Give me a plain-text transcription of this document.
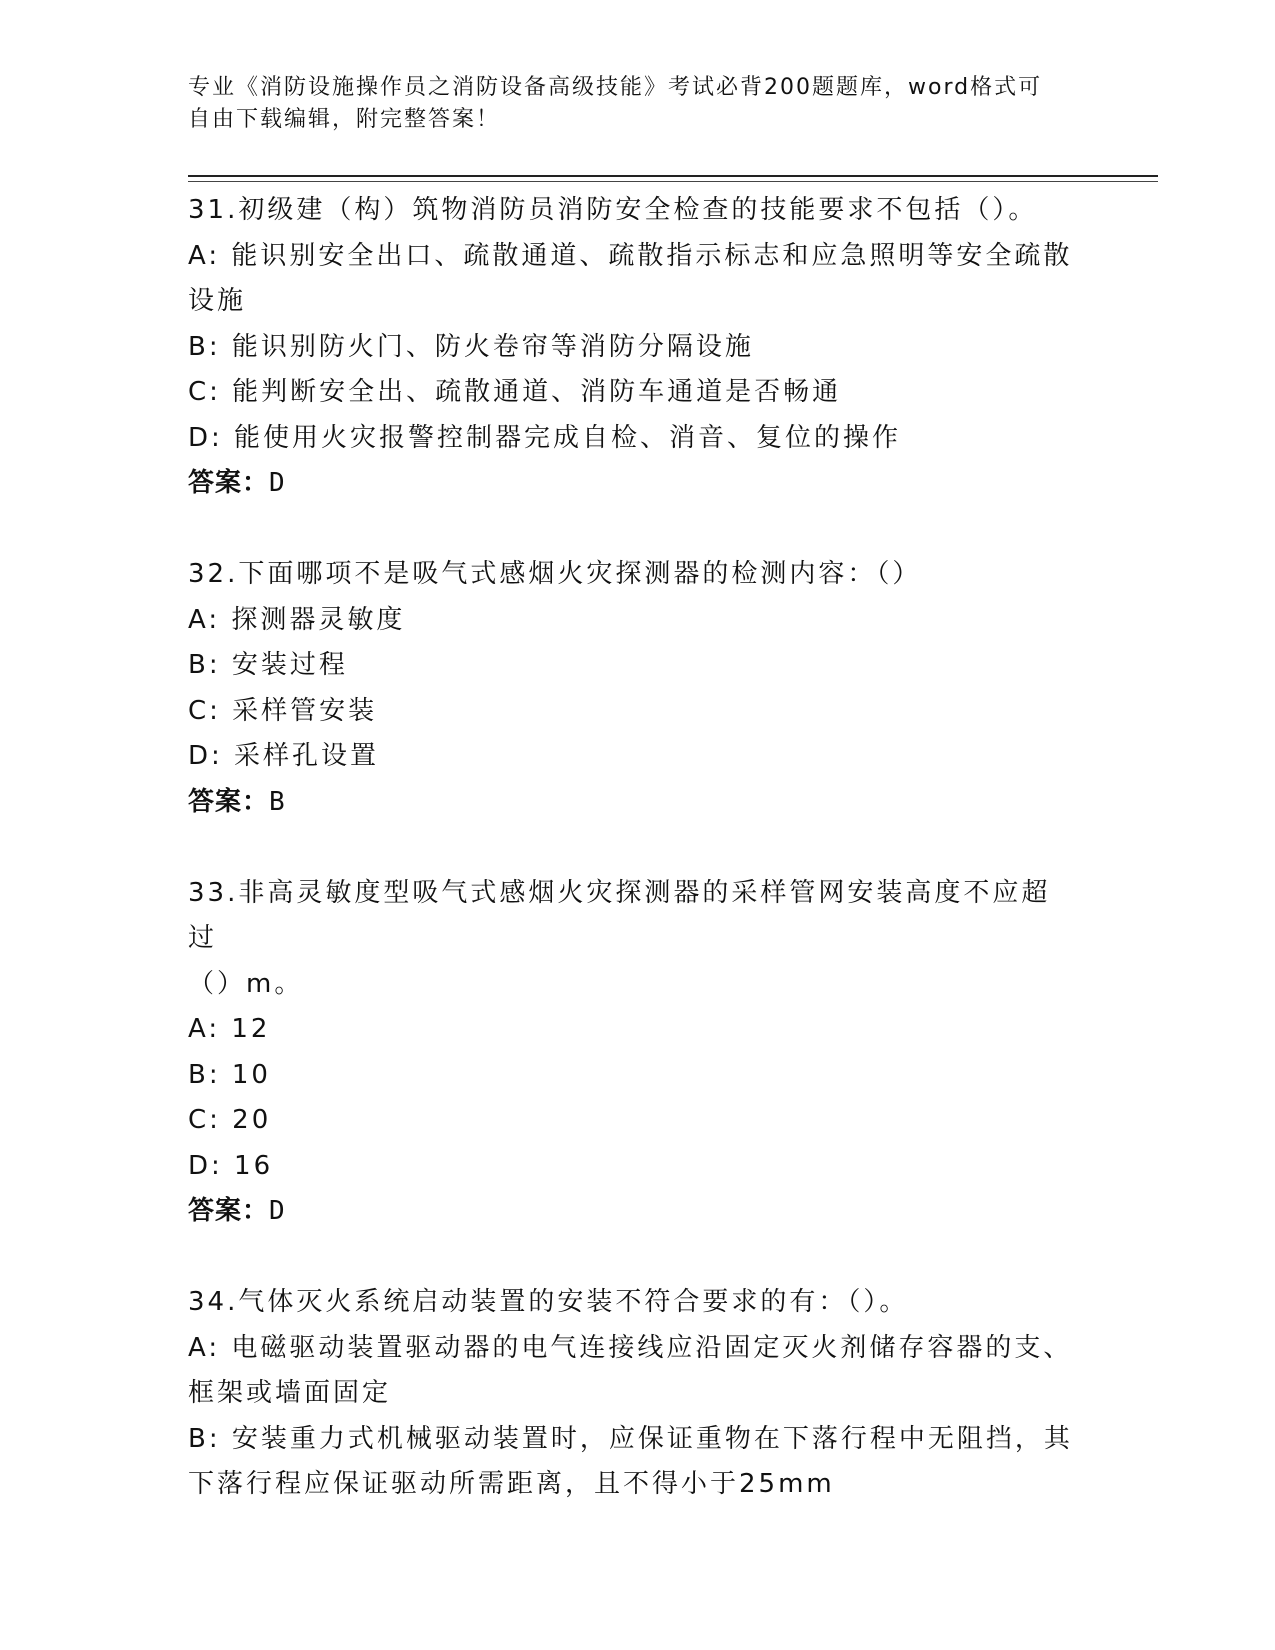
专业《消防设施操作员之消防设备高级技能》考试必背200题题库，word格式可
自由下载编辑，附完整答案！
31.初级建（构）筑物消防员消防安全检查的技能要求不包括（）。
A: 能识别安全出口、疏散通道、疏散指示标志和应急照明等安全疏散
设施
B: 能识别防火门、防火卷帘等消防分隔设施
C: 能判断安全出、疏散通道、消防车通道是否畅通
D: 能使用火灾报警控制器完成自检、消音、复位的操作
答案：D
32.下面哪项不是吸气式感烟火灾探测器的检测内容：（）
A: 探测器灵敏度
B: 安装过程
C: 采样管安装
D: 采样孔设置
答案：B
33.非高灵敏度型吸气式感烟火灾探测器的采样管网安装高度不应超过
（）m。
A: 12
B: 10
C: 20
D: 16
答案：D
34.气体灭火系统启动装置的安装不符合要求的有：（）。
A: 电磁驱动装置驱动器的电气连接线应沿固定灭火剂储存容器的支、
框架或墙面固定
B: 安装重力式机械驱动装置时，应保证重物在下落行程中无阻挡，其
下落行程应保证驱动所需距离，且不得小于25mm
